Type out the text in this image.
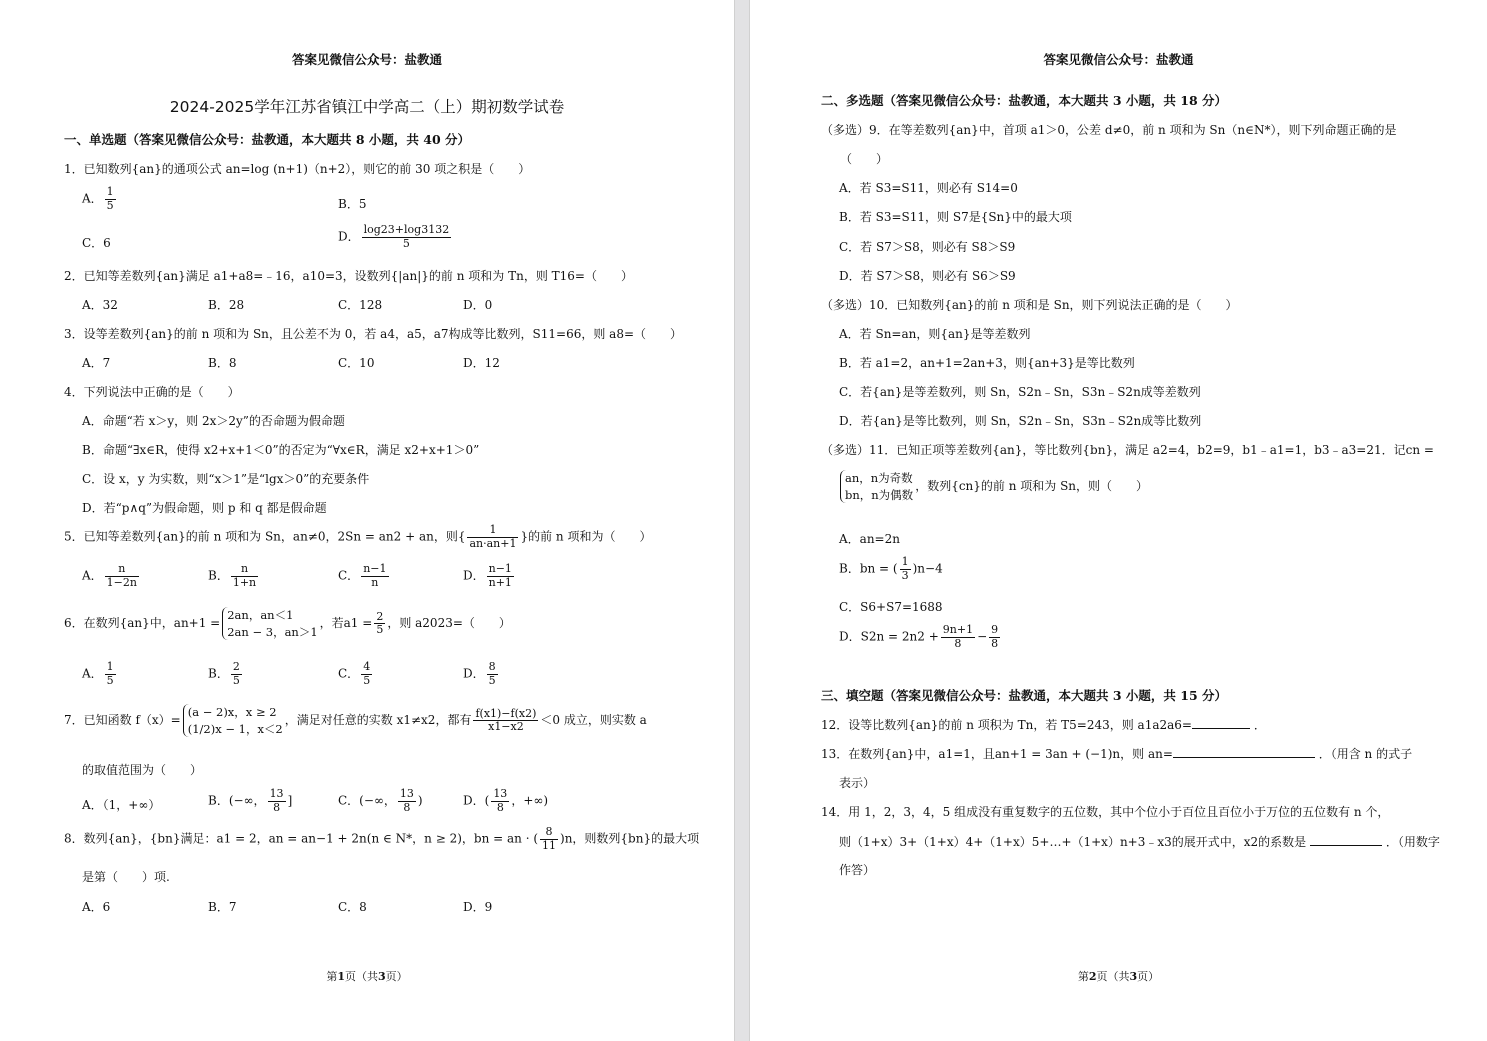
答案见微信公众号：盐教通
2024-2025学年江苏省镇江中学高二（上）期初数学试卷
一、单选题（答案见微信公众号：盐教通，本大题共 8 小题，共 40 分）
1．已知数列{an}的通项公式 an=log (n+1)（n+2），则它的前 30 项之积是（　　）
A． $\frac{1}{5}$	B．5
C．6	D． $\frac{\log 23+\log 3132}{5}$
2．已知等差数列{an}满足 a1+a8=﹣16，a10=3，设数列{|an|}的前 n 项和为 Tn，则 T16=（　　）
A．32	B．28	C．128	D．0
3．设等差数列{an}的前 n 项和为 Sn，且公差不为 0，若 a4，a5，a7构成等比数列，S11=66，则 a8=（　　）
A．7	B．8	C．10	D．12
4．下列说法中正确的是（　　）
A．命题“若 x＞y，则 2x＞2y”的否命题为假命题
B．命题“∃x∈R，使得 x2+x+1＜0”的否定为“∀x∈R，满足 x2+x+1＞0”
C．设 x，y 为实数，则“x＞1”是“lgx＞0”的充要条件
D．若“p∧q”为假命题，则 p 和 q 都是假命题
5．已知等差数列{an}的前 n 项和为 Sn，an≠0，2Sn = an2 + an，则{ $\frac{1}{an\cdot an+1}$ }的前 n 项和为（　　）
A． $\frac{n}{1-2n}$	B． $\frac{n}{1+n}$	C． $\frac{n-1}{n}$	D． $\frac{n-1}{n+1}$
6．在数列{an}中，an+1 =
2an，an＜1
2an − 3，an＞1
，若$a1 = \frac{2}{5}$ ，则 a2023=（　　）
A． $\frac{1}{5}$	B． $\frac{2}{5}$	C． $\frac{4}{5}$	D． $\frac{8}{5}$
7．已知函数 f（x）=
(a − 2)x，x ≥ 2
(1/2)x − 1，x＜2
，满足对任意的实数 x1≠x2，都有 $\frac{f(x1)-f(x2)}{x1-x2} <0$ 成立，则实数 a
的取值范围为（　　）
A．（1，+∞）	B．(−∞， $\frac{13}{8}$ ]	C．(−∞， $\frac{13}{8}$ )	D．( $\frac{13}{8}$ ，+∞)
8．数列{an}，{bn}满足：a1 = 2，an = an−1 + 2n(n ∈ N*，n ≥ 2)，bn = an · ( $\frac{8}{11} )n$，则数列{bn}的最大项
是第（　　）项.
A．6	B．7	C．8	D．9
第1页（共3页）
答案见微信公众号：盐教通
二、多选题（答案见微信公众号：盐教通，本大题共 3 小题，共 18 分）
（多选）9．在等差数列{an}中，首项 a1＞0，公差 d≠0，前 n 项和为 Sn（n∈N*），则下列命题正确的是
（　　）
A．若 S3=S11，则必有 S14=0
B．若 S3=S11，则 S7是{Sn}中的最大项
C．若 S7＞S8，则必有 S8＞S9
D．若 S7＞S8，则必有 S6＞S9
（多选）10．已知数列{an}的前 n 项和是 Sn，则下列说法正确的是（　　）
A．若 Sn=an，则{an}是等差数列
B．若 a1=2，an+1=2an+3，则{an+3}是等比数列
C．若{an}是等差数列，则 Sn，S2n﹣Sn，S3n﹣S2n成等差数列
D．若{an}是等比数列，则 Sn，S2n﹣Sn，S3n﹣S2n成等比数列
（多选）11．已知正项等差数列{an}，等比数列{bn}，满足 a2=4，b2=9，b1﹣a1=1，b3﹣a3=21．记cn =
an，n为奇数
bn，n为偶数
，数列{cn}的前 n 项和为 Sn，则（　　）
A．an=2n
B．bn = ( $\frac{1}{3} )n-4$
C．S6+S7=1688
D．$S2n = 2n2 + \frac{9n+1}{8} - \frac{9}{8}$
三、填空题（答案见微信公众号：盐教通，本大题共 3 小题，共 15 分）
12．设等比数列{an}的前 n 项积为 Tn，若 T5=243，则 a1a2a6=	．
13．在数列{an}中，a1=1，且an+1 = 3an + (−1)n，则 an=	．（用含 n 的式子
表示）
14．用 1，2，3，4，5 组成没有重复数字的五位数，其中个位小于百位且百位小于万位的五位数有 n 个，
则（1+x）3+（1+x）4+（1+x）5+…+（1+x）n+3﹣x3的展开式中，x2的系数是	．（用数字
作答）
第2页（共3页）
